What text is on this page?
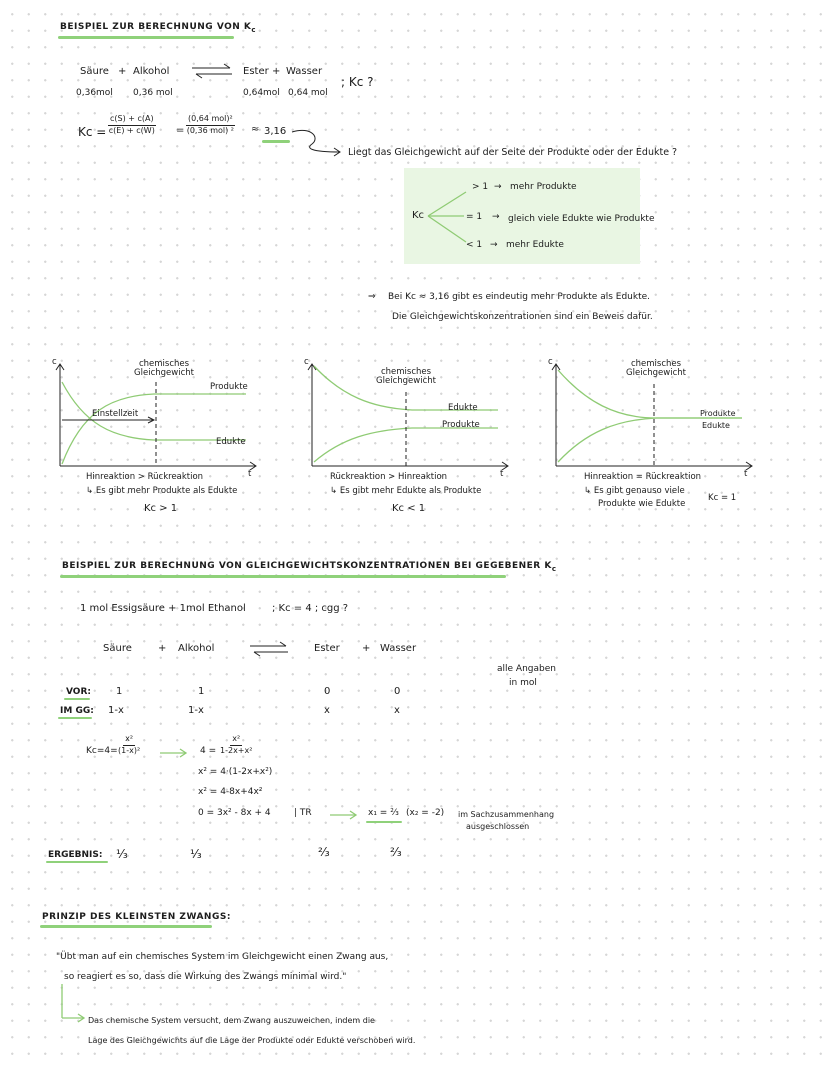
BEISPIEL ZUR BERECHNUNG VON $K_c$
Säure + Alkohol ⇌ Ester + Wasser
; Kc ?
0,36mol 0,36 mol	0,64mol 0,64 mol
$Kc = \frac{c(S) + c(A)}{c(E) + c(W)}$ =
(0,64 mol)²
(0,36 mol) ² ≈ 3,16
Liegt das Gleichgewicht auf der Seite der Produkte oder der Edukte ?
Kc
> 1 → mehr Produkte
= 1 → gleich viele Edukte wie Produkte
< 1 → mehr Edukte
⇒ Bei Kc ≈ 3,16 gibt es eindeutig mehr Produkte als Edukte.
Die Gleichgewichtskonzentrationen sind ein Beweis dafür.
c
t
chemisches Gleichgewicht
Produkte
Edukte
Einstellzeit
Hinreaktion > Rückreaktion
↳ Es gibt mehr Produkte als Edukte
Kc > 1
c
t
chemisches Gleichgewicht
Edukte
Produkte
Rückreaktion > Hinreaktion
↳ Es gibt mehr Edukte als Produkte
Kc < 1
c
t
chemisches Gleichgewicht
Produkte
Edukte
Hinreaktion = Rückreaktion
↳ Es gibt genauso viele
Produkte wie Edukte
Kc = 1
BEISPIEL ZUR BERECHNUNG VON GLEICHGEWICHTSKONZENTRATIONEN BEI GEGEBENER $K_c$
1 mol Essigsäure + 1mol Ethanol	; Kc = 4 ; cgg ?
Säure	+ Alkohol ⇌ Ester + Wasser
alle Angaben
in mol
VOR:	1	1	0	0
IM GG: 1-x	1-x	x	x
$Kc=4= \frac{\text{x²}}{\text{(1-x)²}}$	$4 = \frac{\text{x²}}{\text{1-2x+x²}}$
x² = 4·(1-2x+x²)
x² = 4-8x+4x²
0 = 3x² - 8x + 4	| TR	x₁ = ²⁄₃ (x₂ = -2) im Sachzusammenhang
ausgeschlossen
ERGEBNIS: ¹⁄₃	¹⁄₃	²⁄₃	²⁄₃
PRINZIP DES KLEINSTEN ZWANGS:
"Übt man auf ein chemisches System im Gleichgewicht einen Zwang aus,
so reagiert es so, dass die Wirkung des Zwangs minimal wird."
Das chemische System versucht, dem Zwang auszuweichen, indem die
Lage des Gleichgewichts auf die Lage der Produkte oder Edukte verschoben wird.
